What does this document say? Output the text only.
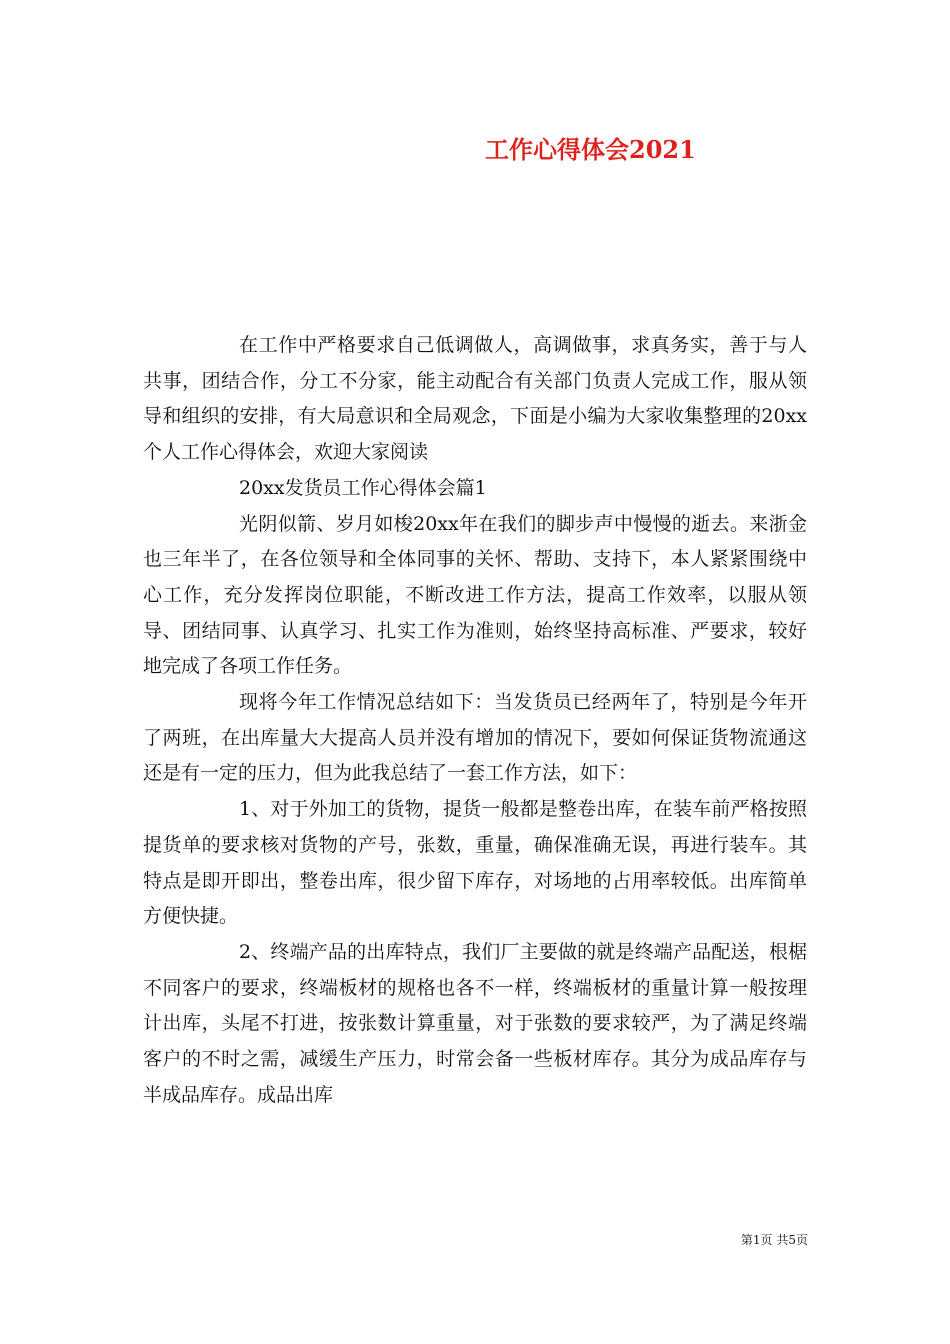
工作心得体会2021

在工作中严格要求自己低调做人，高调做事，求真务实，善于与人共事，团结合作，分工不分家，能主动配合有关部门负责人完成工作，服从领导和组织的安排，有大局意识和全局观念，下面是小编为大家收集整理的20xx个人工作心得体会，欢迎大家阅读

20xx发货员工作心得体会篇1

光阴似箭、岁月如梭20xx年在我们的脚步声中慢慢的逝去。来浙金也三年半了，在各位领导和全体同事的关怀、帮助、支持下，本人紧紧围绕中心工作，充分发挥岗位职能，不断改进工作方法，提高工作效率，以服从领导、团结同事、认真学习、扎实工作为准则，始终坚持高标准、严要求，较好地完成了各项工作任务。

现将今年工作情况总结如下：当发货员已经两年了，特别是今年开了两班，在出库量大大提高人员并没有增加的情况下，要如何保证货物流通这还是有一定的压力，但为此我总结了一套工作方法，如下：

1、对于外加工的货物，提货一般都是整卷出库，在装车前严格按照提货单的要求核对货物的产号，张数，重量，确保准确无误，再进行装车。其特点是即开即出，整卷出库，很少留下库存，对场地的占用率较低。出库简单方便快捷。

2、终端产品的出库特点，我们厂主要做的就是终端产品配送，根椐不同客户的要求，终端板材的规格也各不一样，终端板材的重量计算一般按理计出库，头尾不打进，按张数计算重量，对于张数的要求较严，为了满足终端客户的不时之需，减缓生产压力，时常会备一些板材库存。其分为成品库存与半成品库存。成品出库

第1页 共5页
